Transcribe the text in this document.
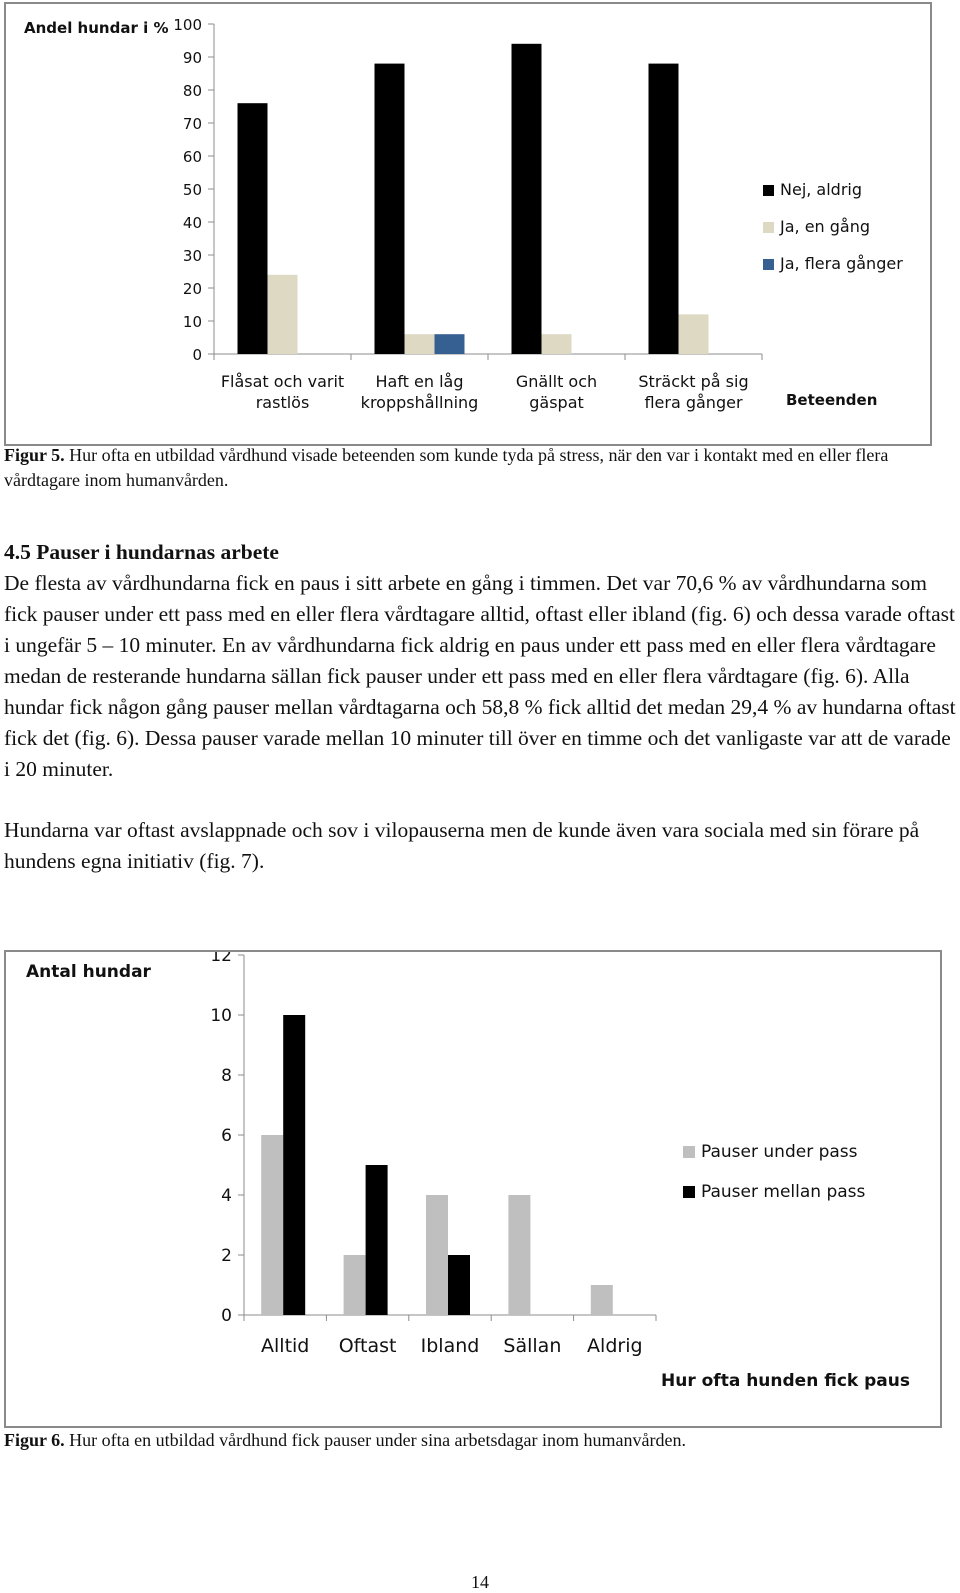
0
10
20
30
40
50
60
70
80
90
100
Flåsat och varit rastlös
Haft en låg kroppshållning
Gnällt och gäspat
Sträckt på sig flera gånger
Andel hundar i %
Beteenden
Nej, aldrig
Ja, en gång
Ja, flera gånger
Figur 5. Hur ofta en utbildad vårdhund visade beteenden som kunde tyda på stress, när den var i kontakt med en eller flera vårdtagare inom humanvården.
4.5 Pauser i hundarnas arbete
De flesta av vårdhundarna fick en paus i sitt arbete en gång i timmen. Det var 70,6 % av vårdhundarna som fick pauser under ett pass med en eller flera vårdtagare alltid, oftast eller ibland (fig. 6) och dessa varade oftast i ungefär 5 – 10 minuter. En av vårdhundarna fick aldrig en paus under ett pass med en eller flera vårdtagare medan de resterande hundarna sällan fick pauser under ett pass med en eller flera vårdtagare (fig. 6). Alla hundar fick någon gång pauser mellan vårdtagarna och 58,8 % fick alltid det medan 29,4 % av hundarna oftast fick det (fig. 6). Dessa pauser varade mellan 10 minuter till över en timme och det vanligaste var att de varade i 20 minuter.
Hundarna var oftast avslappnade och sov i vilopauserna men de kunde även vara sociala med sin förare på hundens egna initiativ (fig. 7).
0
2
4
6
8
10
12
Alltid Oftast Ibland Sällan Aldrig
Antal hundar
Hur ofta hunden fick paus
Pauser under pass
Pauser mellan pass
Figur 6. Hur ofta en utbildad vårdhund fick pauser under sina arbetsdagar inom humanvården.
14
